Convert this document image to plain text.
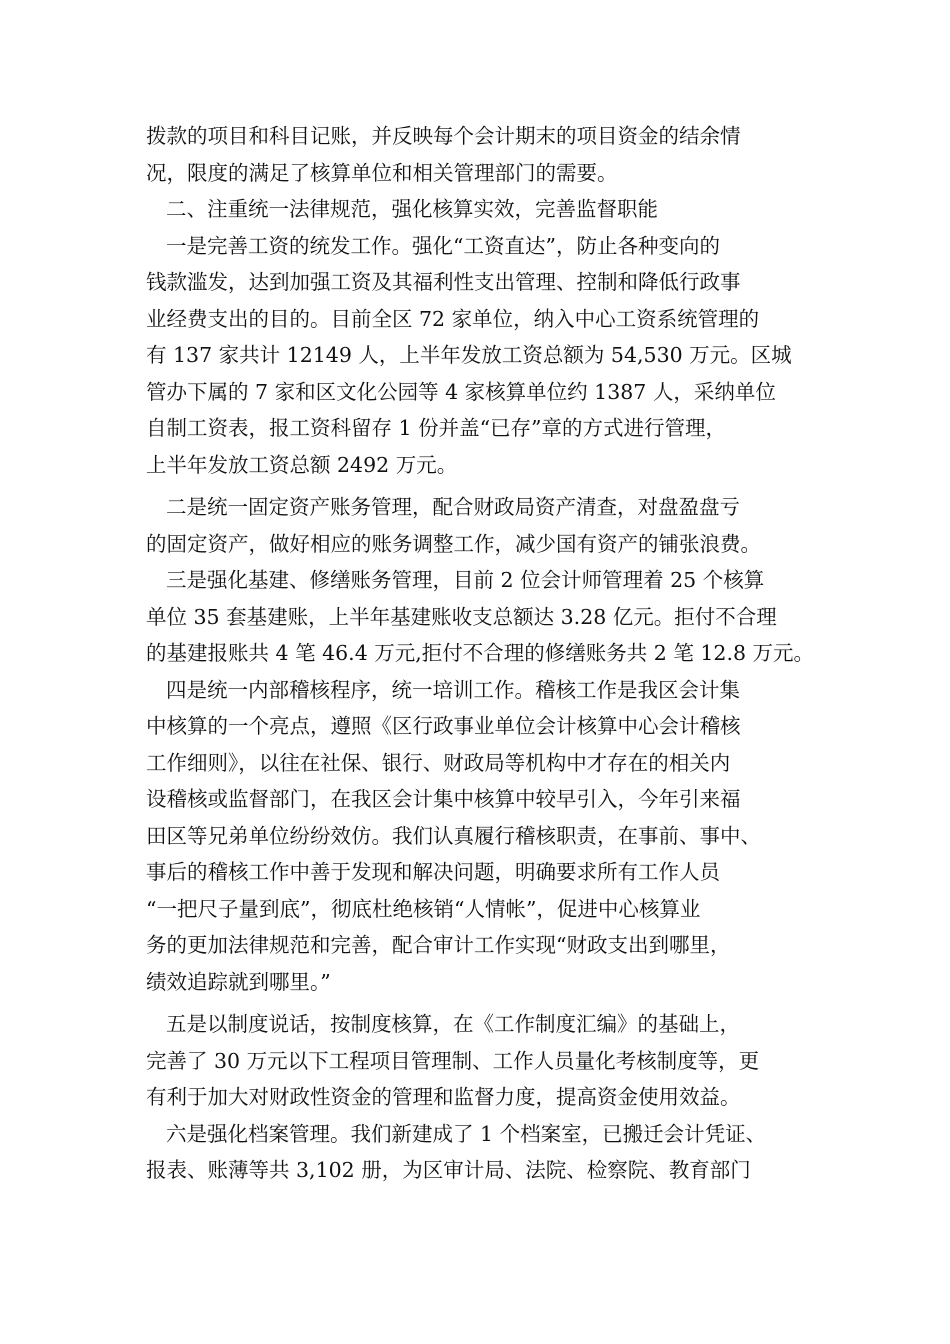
拨款的项目和科目记账，并反映每个会计期末的项目资金的结余情
况，限度的满足了核算单位和相关管理部门的需要。
二、注重统一法律规范，强化核算实效，完善监督职能
一是完善工资的统发工作。强化“工资直达”，防止各种变向的
钱款滥发，达到加强工资及其福利性支出管理、控制和降低行政事
业经费支出的目的。目前全区 72 家单位，纳入中心工资系统管理的
有 137 家共计 12149 人，上半年发放工资总额为 54,530 万元。区城
管办下属的 7 家和区文化公园等 4 家核算单位约 1387 人，采纳单位
自制工资表，报工资科留存 1 份并盖“已存”章的方式进行管理，
上半年发放工资总额 2492 万元。
二是统一固定资产账务管理，配合财政局资产清查，对盘盈盘亏
的固定资产，做好相应的账务调整工作，减少国有资产的铺张浪费。
三是强化基建、修缮账务管理，目前 2 位会计师管理着 25 个核算
单位 35 套基建账，上半年基建账收支总额达 3.28 亿元。拒付不合理
的基建报账共 4 笔 46.4 万元,拒付不合理的修缮账务共 2 笔 12.8 万元。
四是统一内部稽核程序，统一培训工作。稽核工作是我区会计集
中核算的一个亮点，遵照《区行政事业单位会计核算中心会计稽核
工作细则》，以往在社保、银行、财政局等机构中才存在的相关内
设稽核或监督部门，在我区会计集中核算中较早引入，今年引来福
田区等兄弟单位纷纷效仿。我们认真履行稽核职责，在事前、事中、
事后的稽核工作中善于发现和解决问题，明确要求所有工作人员
“一把尺子量到底”，彻底杜绝核销“人情帐”，促进中心核算业
务的更加法律规范和完善，配合审计工作实现“财政支出到哪里，
绩效追踪就到哪里。”
五是以制度说话，按制度核算，在《工作制度汇编》的基础上，
完善了 30 万元以下工程项目管理制、工作人员量化考核制度等，更
有利于加大对财政性资金的管理和监督力度，提高资金使用效益。
六是强化档案管理。我们新建成了 1 个档案室，已搬迁会计凭证、
报表、账薄等共 3,102 册，为区审计局、法院、检察院、教育部门
